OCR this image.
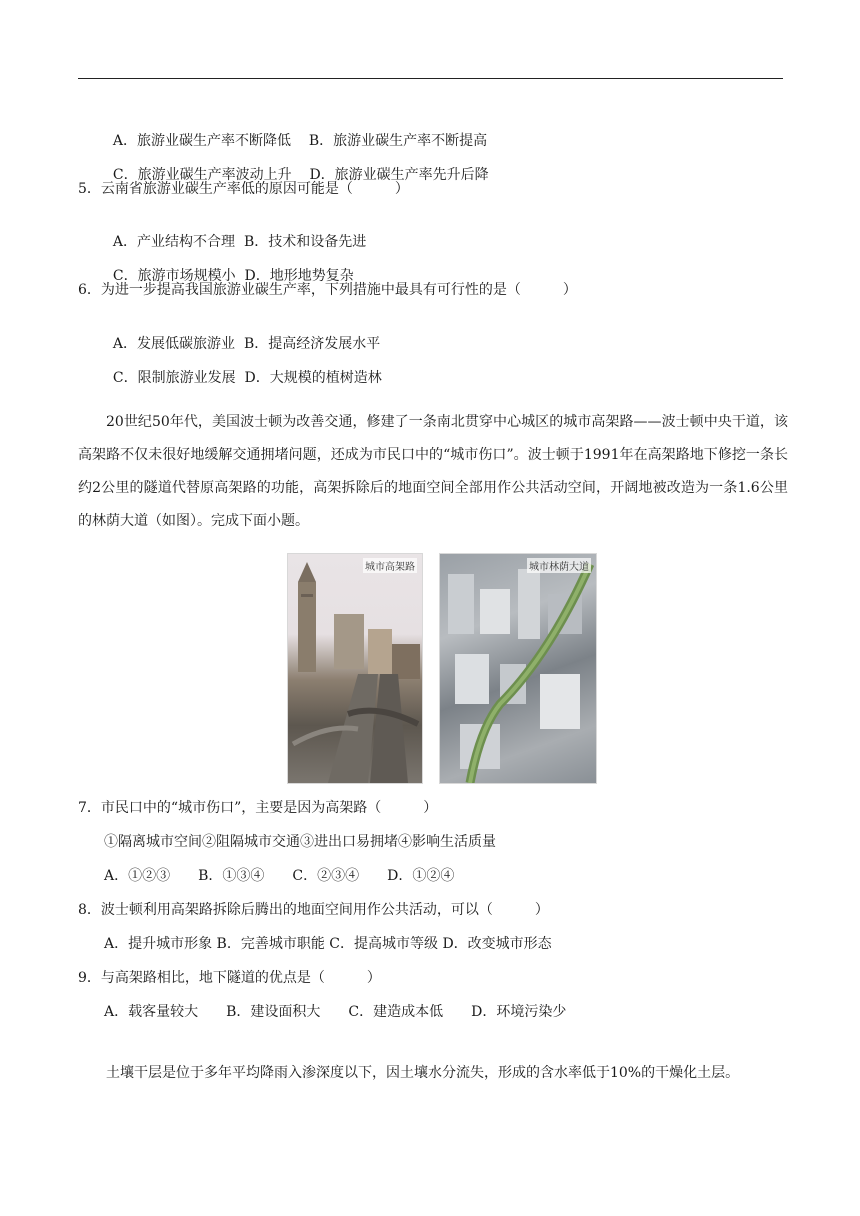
A．旅游业碳生产率不断降低 B．旅游业碳生产率不断提高

C．旅游业碳生产率波动上升 D．旅游业碳生产率先升后降

5．云南省旅游业碳生产率低的原因可能是（　　　）

A．产业结构不合理 B．技术和设备先进

C．旅游市场规模小 D．地形地势复杂

6．为进一步提高我国旅游业碳生产率，下列措施中最具有可行性的是（　　　）

A．发展低碳旅游业 B．提高经济发展水平

C．限制旅游业发展 D．大规模的植树造林

20世纪50年代，美国波士顿为改善交通，修建了一条南北贯穿中心城区的城市高架路——波士顿中央干道，该高架路不仅未很好地缓解交通拥堵问题，还成为市民口中的“城市伤口”。波士顿于1991年在高架路地下修挖一条长约2公里的隧道代替原高架路的功能，高架拆除后的地面空间全部用作公共活动空间，开阔地被改造为一条1.6公里的林荫大道（如图）。完成下面小题。
城市高架路	城市林荫大道
7．市民口中的“城市伤口”，主要是因为高架路（　　　）
①隔离城市空间②阻隔城市交通③进出口易拥堵④影响生活质量
A．①②③　　B．①③④　　C．②③④　　D．①②④
8．波士顿利用高架路拆除后腾出的地面空间用作公共活动，可以（　　　）
A．提升城市形象 B．完善城市职能 C．提高城市等级 D．改变城市形态
9．与高架路相比，地下隧道的优点是（　　　）
A．载客量较大　　B．建设面积大　　C．建造成本低　　D．环境污染少
土壤干层是位于多年平均降雨入渗深度以下，因土壤水分流失，形成的含水率低于10%的干燥化土层。
